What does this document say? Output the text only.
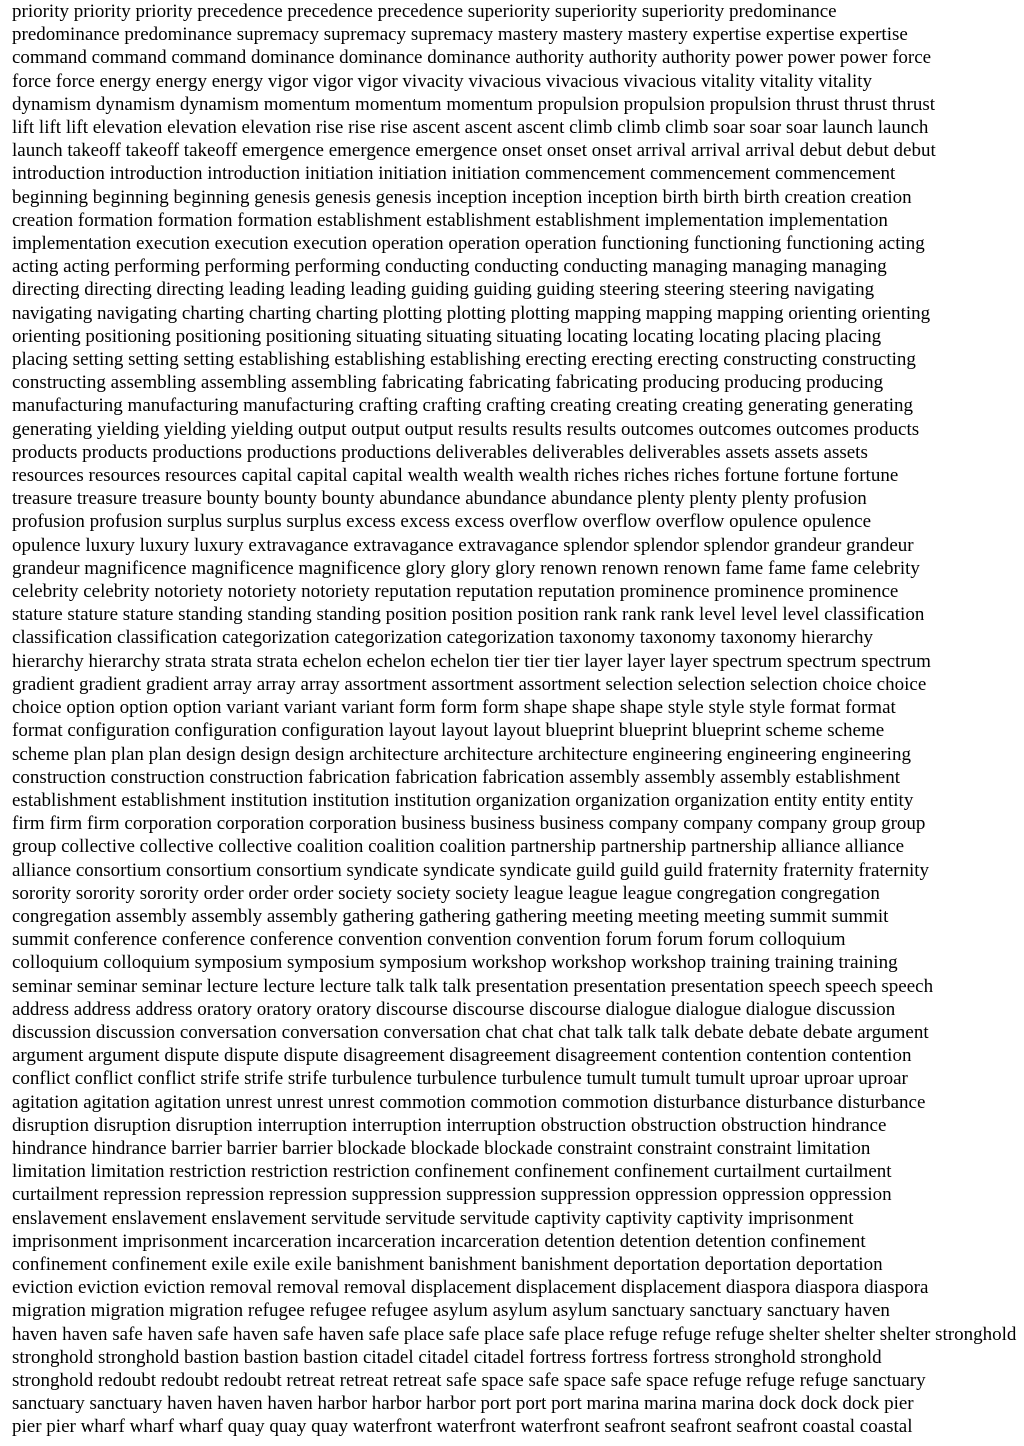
priority priority priority precedence precedence precedence superiority superiority superiority predominance
predominance predominance supremacy supremacy supremacy mastery mastery mastery expertise expertise expertise
command command command dominance dominance dominance authority authority authority power power power force
force force energy energy energy vigor vigor vigor vivacity vivacious vivacious vivacious vitality vitality vitality
dynamism dynamism dynamism momentum momentum momentum propulsion propulsion propulsion thrust thrust thrust
lift lift lift elevation elevation elevation rise rise rise ascent ascent ascent climb climb climb soar soar soar launch launch
launch takeoff takeoff takeoff emergence emergence emergence onset onset onset arrival arrival arrival debut debut debut
introduction introduction introduction initiation initiation initiation commencement commencement commencement
beginning beginning beginning genesis genesis genesis inception inception inception birth birth birth creation creation
creation formation formation formation establishment establishment establishment implementation implementation
implementation execution execution execution operation operation operation functioning functioning functioning acting
acting acting performing performing performing conducting conducting conducting managing managing managing
directing directing directing leading leading leading guiding guiding guiding steering steering steering navigating
navigating navigating charting charting charting plotting plotting plotting mapping mapping mapping orienting orienting
orienting positioning positioning positioning situating situating situating locating locating locating placing placing
placing setting setting setting establishing establishing establishing erecting erecting erecting constructing constructing
constructing assembling assembling assembling fabricating fabricating fabricating producing producing producing
manufacturing manufacturing manufacturing crafting crafting crafting creating creating creating generating generating
generating yielding yielding yielding output output output results results results outcomes outcomes outcomes products
products products productions productions productions deliverables deliverables deliverables assets assets assets
resources resources resources capital capital capital wealth wealth wealth riches riches riches fortune fortune fortune
treasure treasure treasure bounty bounty bounty abundance abundance abundance plenty plenty plenty profusion
profusion profusion surplus surplus surplus excess excess excess overflow overflow overflow opulence opulence
opulence luxury luxury luxury extravagance extravagance extravagance splendor splendor splendor grandeur grandeur
grandeur magnificence magnificence magnificence glory glory glory renown renown renown fame fame fame celebrity
celebrity celebrity notoriety notoriety notoriety reputation reputation reputation prominence prominence prominence
stature stature stature standing standing standing position position position rank rank rank level level level classification
classification classification categorization categorization categorization taxonomy taxonomy taxonomy hierarchy
hierarchy hierarchy strata strata strata echelon echelon echelon tier tier tier layer layer layer spectrum spectrum spectrum
gradient gradient gradient array array array assortment assortment assortment selection selection selection choice choice
choice option option option variant variant variant form form form shape shape shape style style style format format
format configuration configuration configuration layout layout layout blueprint blueprint blueprint scheme scheme
scheme plan plan plan design design design architecture architecture architecture engineering engineering engineering
construction construction construction fabrication fabrication fabrication assembly assembly assembly establishment
establishment establishment institution institution institution organization organization organization entity entity entity
firm firm firm corporation corporation corporation business business business company company company group group
group collective collective collective coalition coalition coalition partnership partnership partnership alliance alliance
alliance consortium consortium consortium syndicate syndicate syndicate guild guild guild fraternity fraternity fraternity
sorority sorority sorority order order order society society society league league league congregation congregation
congregation assembly assembly assembly gathering gathering gathering meeting meeting meeting summit summit
summit conference conference conference convention convention convention forum forum forum colloquium
colloquium colloquium symposium symposium symposium workshop workshop workshop training training training
seminar seminar seminar lecture lecture lecture talk talk talk presentation presentation presentation speech speech speech
address address address oratory oratory oratory discourse discourse discourse dialogue dialogue dialogue discussion
discussion discussion conversation conversation conversation chat chat chat talk talk talk debate debate debate argument
argument argument dispute dispute dispute disagreement disagreement disagreement contention contention contention
conflict conflict conflict strife strife strife turbulence turbulence turbulence tumult tumult tumult uproar uproar uproar
agitation agitation agitation unrest unrest unrest commotion commotion commotion disturbance disturbance disturbance
disruption disruption disruption interruption interruption interruption obstruction obstruction obstruction hindrance
hindrance hindrance barrier barrier barrier blockade blockade blockade constraint constraint constraint limitation
limitation limitation restriction restriction restriction confinement confinement confinement curtailment curtailment
curtailment repression repression repression suppression suppression suppression oppression oppression oppression
enslavement enslavement enslavement servitude servitude servitude captivity captivity captivity imprisonment
imprisonment imprisonment incarceration incarceration incarceration detention detention detention confinement
confinement confinement exile exile exile banishment banishment banishment deportation deportation deportation
eviction eviction eviction removal removal removal displacement displacement displacement diaspora diaspora diaspora
migration migration migration refugee refugee refugee asylum asylum asylum sanctuary sanctuary sanctuary haven
haven haven safe haven safe haven safe haven safe place safe place safe place refuge refuge refuge shelter shelter shelter stronghold
stronghold stronghold bastion bastion bastion citadel citadel citadel fortress fortress fortress stronghold stronghold
stronghold redoubt redoubt redoubt retreat retreat retreat safe space safe space safe space refuge refuge refuge sanctuary
sanctuary sanctuary haven haven haven harbor harbor harbor port port port marina marina marina dock dock dock pier
pier pier wharf wharf wharf quay quay quay waterfront waterfront waterfront seafront seafront seafront coastal coastal
